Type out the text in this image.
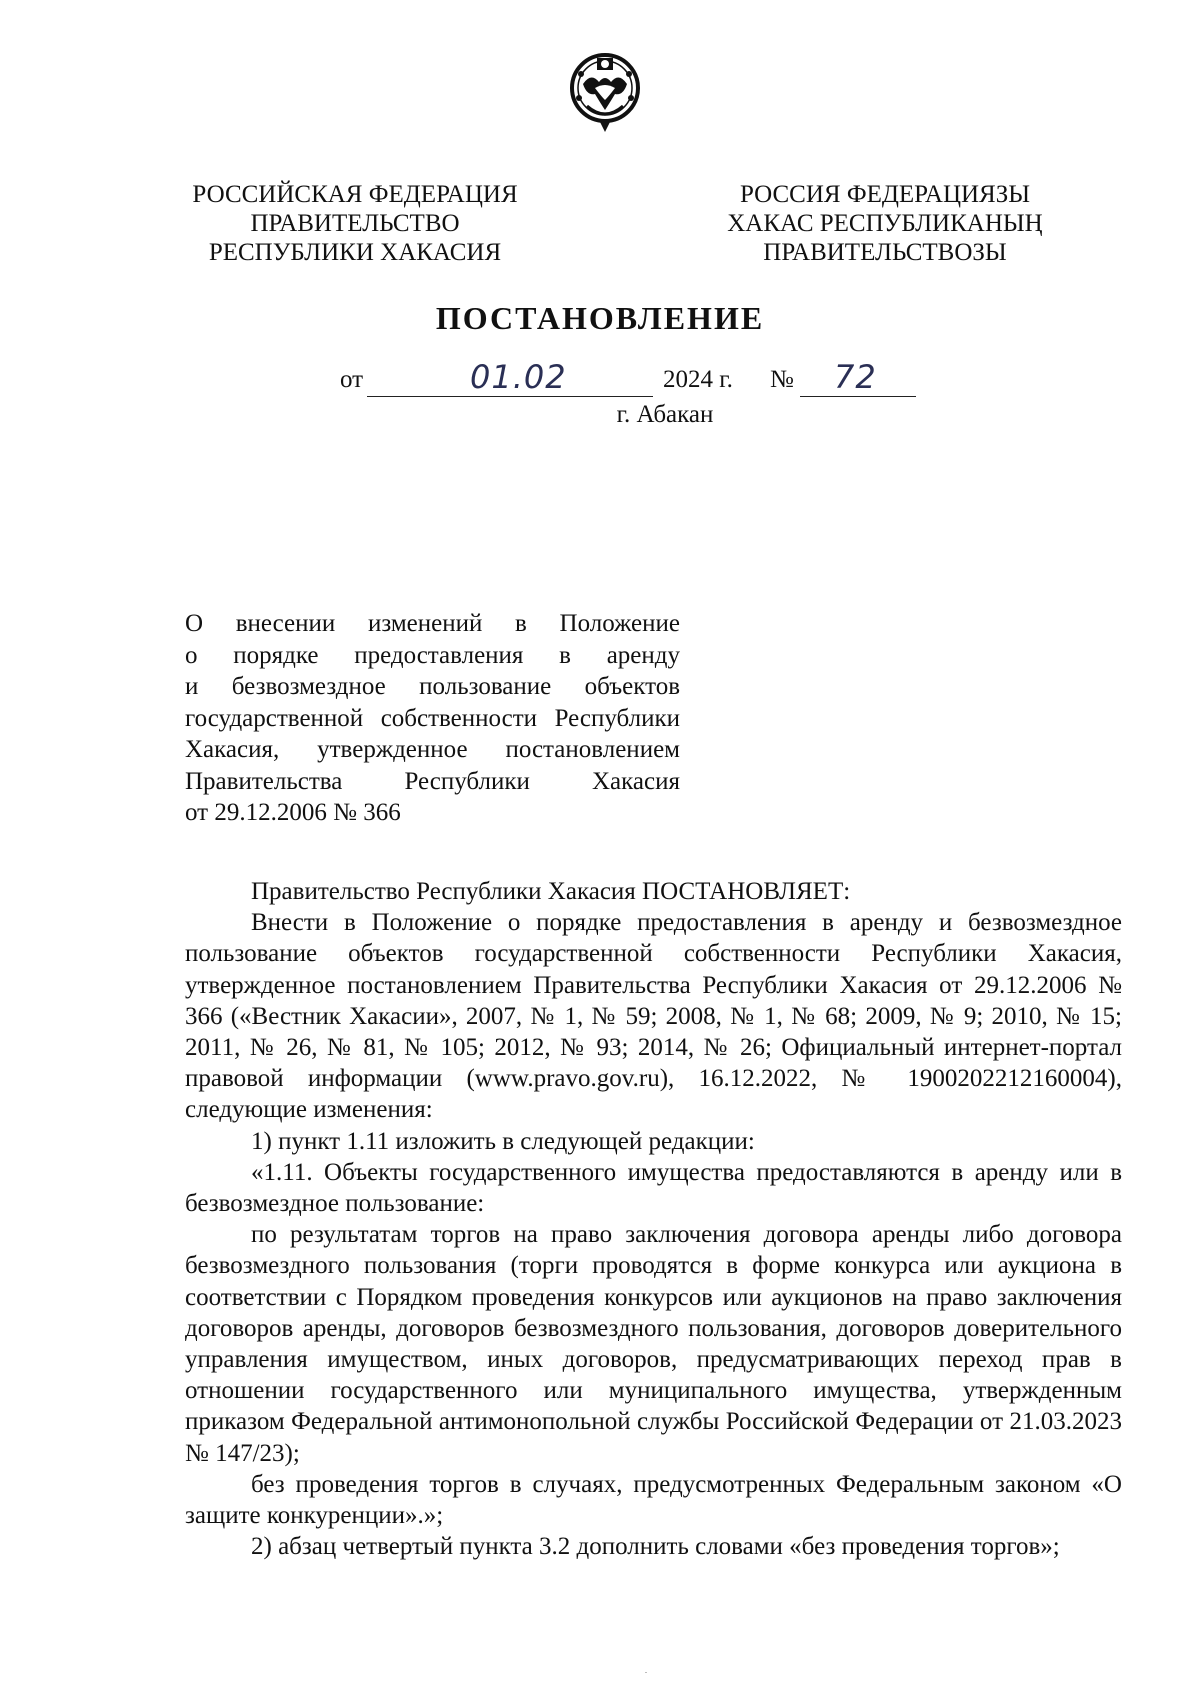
РОССИЙСКАЯ ФЕДЕРАЦИЯ
ПРАВИТЕЛЬСТВО
РЕСПУБЛИКИ ХАКАСИЯ
РОССИЯ ФЕДЕРАЦИЯЗЫ
ХАКАС РЕСПУБЛИКАНЫҢ
ПРАВИТЕЛЬСТВОЗЫ
ПОСТАНОВЛЕНИЕ
от	01.02	2024 г. № 72
г. Абакан
О внесении изменений в Положение
о порядке предоставления в аренду
и безвозмездное пользование объектов
государственной собственности Республики
Хакасия, утвержденное постановлением
Правительства Республики Хакасия
от 29.12.2006 № 366

Правительство Республики Хакасия ПОСТАНОВЛЯЕТ:

Внести в Положение о порядке предоставления в аренду и безвозмездное пользование объектов государственной собственности Республики Хакасия, утвержденное постановлением Правительства Республики Хакасия от 29.12.2006 № 366 («Вестник Хакасии», 2007, № 1, № 59; 2008, № 1, № 68; 2009, № 9; 2010, № 15; 2011, № 26, № 81, № 105; 2012, № 93; 2014, № 26; Официальный интернет-портал правовой информации (www.pravo.gov.ru), 16.12.2022, № 1900202212160004), следующие изменения:

1) пункт 1.11 изложить в следующей редакции:

«1.11. Объекты государственного имущества предоставляются в аренду или в безвозмездное пользование:

по результатам торгов на право заключения договора аренды либо договора безвозмездного пользования (торги проводятся в форме конкурса или аукциона в соответствии с Порядком проведения конкурсов или аукционов на право заключения договоров аренды, договоров безвозмездного пользования, договоров доверительного управления имуществом, иных договоров, предусматривающих переход прав в отношении государственного или муниципального имущества, утвержденным приказом Федеральной антимонопольной службы Российской Федерации от 21.03.2023 № 147/23);

без проведения торгов в случаях, предусмотренных Федеральным законом «О защите конкуренции».»;

2) абзац четвертый пункта 3.2 дополнить словами «без проведения торгов»;
